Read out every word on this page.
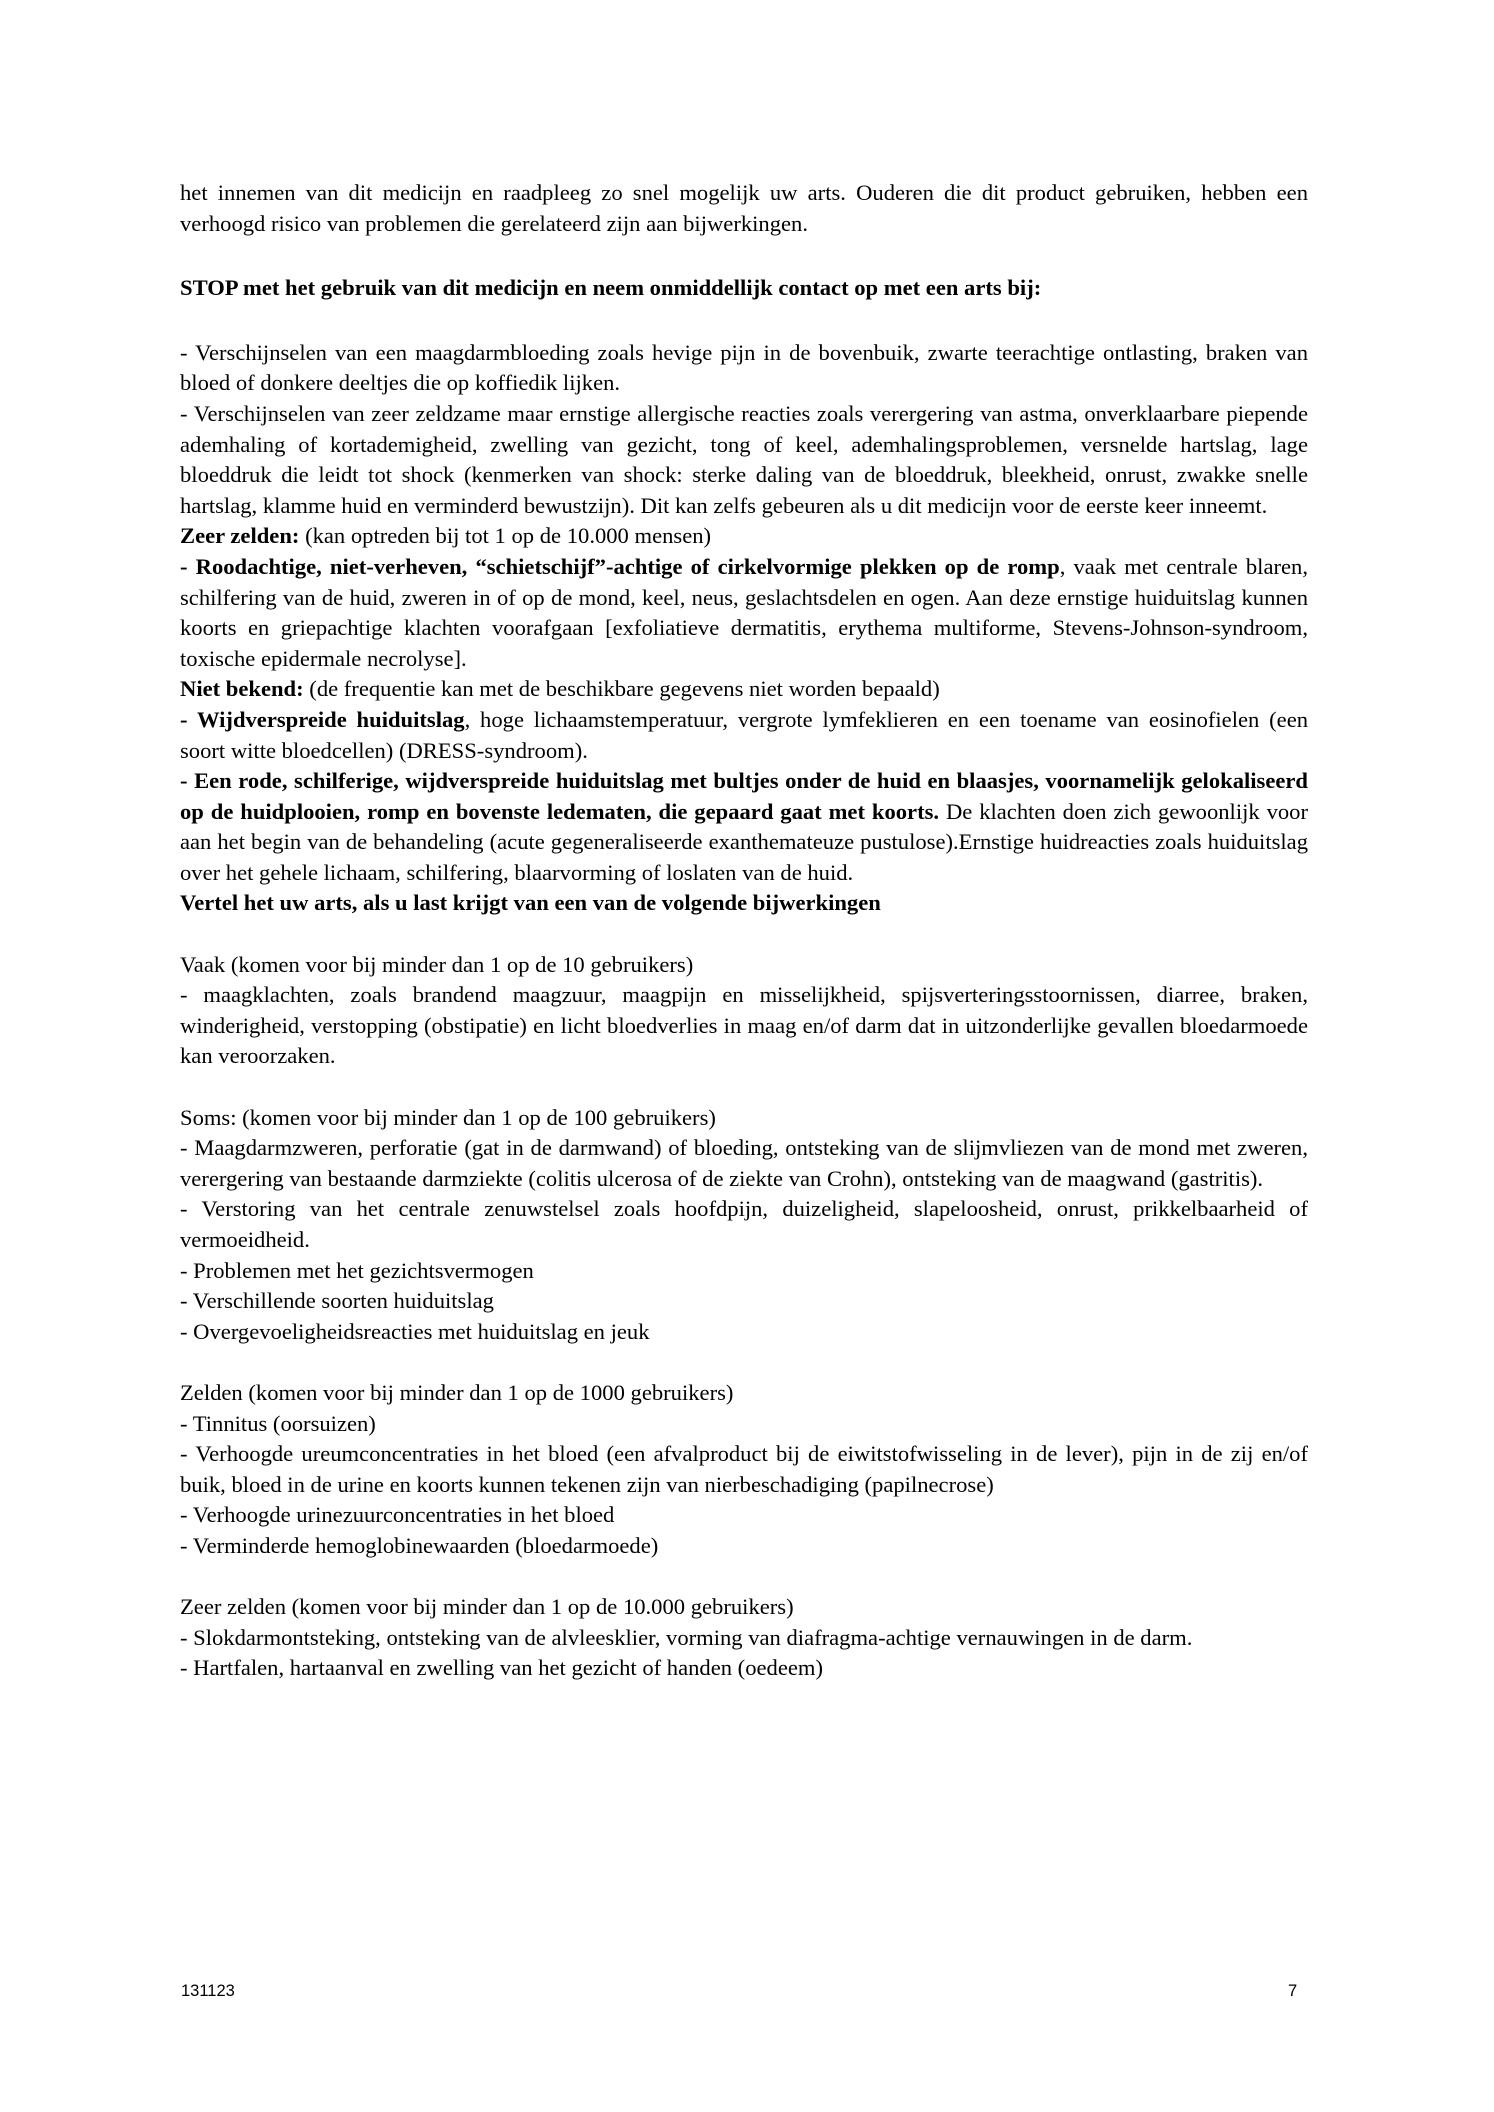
het innemen van dit medicijn en raadpleeg zo snel mogelijk uw arts. Ouderen die dit product gebruiken, hebben een verhoogd risico van problemen die gerelateerd zijn aan bijwerkingen.

STOP met het gebruik van dit medicijn en neem onmiddellijk contact op met een arts bij:

- Verschijnselen van een maagdarmbloeding zoals hevige pijn in de bovenbuik, zwarte teerachtige ontlasting, braken van bloed of donkere deeltjes die op koffiedik lijken.

- Verschijnselen van zeer zeldzame maar ernstige allergische reacties zoals verergering van astma, onverklaarbare piepende ademhaling of kortademigheid, zwelling van gezicht, tong of keel, ademhalingsproblemen, versnelde hartslag, lage bloeddruk die leidt tot shock (kenmerken van shock: sterke daling van de bloeddruk, bleekheid, onrust, zwakke snelle hartslag, klamme huid en verminderd bewustzijn). Dit kan zelfs gebeuren als u dit medicijn voor de eerste keer inneemt.

Zeer zelden: (kan optreden bij tot 1 op de 10.000 mensen)

- Roodachtige, niet-verheven, “schietschijf”-achtige of cirkelvormige plekken op de romp, vaak met centrale blaren, schilfering van de huid, zweren in of op de mond, keel, neus, geslachtsdelen en ogen. Aan deze ernstige huiduitslag kunnen koorts en griepachtige klachten voorafgaan [exfoliatieve dermatitis, erythema multiforme, Stevens-Johnson-syndroom, toxische epidermale necrolyse].

Niet bekend: (de frequentie kan met de beschikbare gegevens niet worden bepaald)

- Wijdverspreide huiduitslag, hoge lichaamstemperatuur, vergrote lymfeklieren en een toename van eosinofielen (een soort witte bloedcellen) (DRESS-syndroom).

- Een rode, schilferige, wijdverspreide huiduitslag met bultjes onder de huid en blaasjes, voornamelijk gelokaliseerd op de huidplooien, romp en bovenste ledematen, die gepaard gaat met koorts. De klachten doen zich gewoonlijk voor aan het begin van de behandeling (acute gegeneraliseerde exanthemateuze pustulose).Ernstige huidreacties zoals huiduitslag over het gehele lichaam, schilfering, blaarvorming of loslaten van de huid.

Vertel het uw arts, als u last krijgt van een van de volgende bijwerkingen

Vaak (komen voor bij minder dan 1 op de 10 gebruikers)

- maagklachten, zoals brandend maagzuur, maagpijn en misselijkheid, spijsverteringsstoornissen, diarree, braken, winderigheid, verstopping (obstipatie) en licht bloedverlies in maag en/of darm dat in uitzonderlijke gevallen bloedarmoede kan veroorzaken.

Soms: (komen voor bij minder dan 1 op de 100 gebruikers)

- Maagdarmzweren, perforatie (gat in de darmwand) of bloeding, ontsteking van de slijmvliezen van de mond met zweren, verergering van bestaande darmziekte (colitis ulcerosa of de ziekte van Crohn), ontsteking van de maagwand (gastritis).

- Verstoring van het centrale zenuwstelsel zoals hoofdpijn, duizeligheid, slapeloosheid, onrust, prikkelbaarheid of vermoeidheid.

- Problemen met het gezichtsvermogen

- Verschillende soorten huiduitslag

- Overgevoeligheidsreacties met huiduitslag en jeuk

Zelden (komen voor bij minder dan 1 op de 1000 gebruikers)

- Tinnitus (oorsuizen)

- Verhoogde ureumconcentraties in het bloed (een afvalproduct bij de eiwitstofwisseling in de lever), pijn in de zij en/of buik, bloed in de urine en koorts kunnen tekenen zijn van nierbeschadiging (papilnecrose)

- Verhoogde urinezuurconcentraties in het bloed

- Verminderde hemoglobinewaarden (bloedarmoede)

Zeer zelden (komen voor bij minder dan 1 op de 10.000 gebruikers)

- Slokdarmontsteking, ontsteking van de alvleesklier, vorming van diafragma-achtige vernauwingen in de darm.

- Hartfalen, hartaanval en zwelling van het gezicht of handen (oedeem)

131123	7
